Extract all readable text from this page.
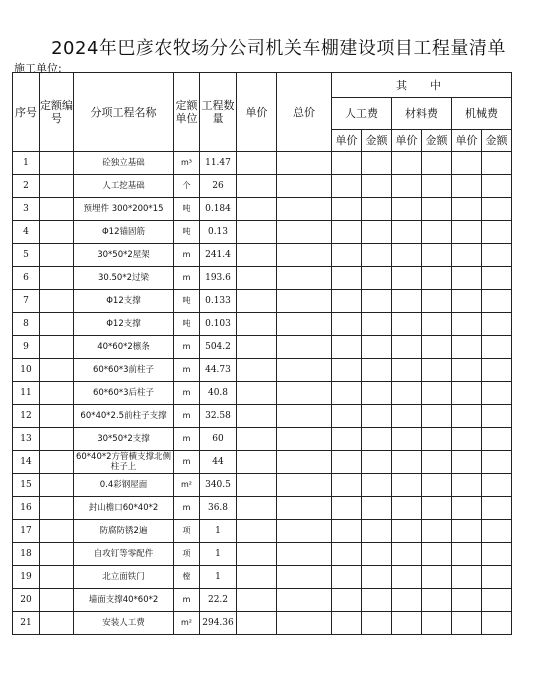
2024年巴彦农牧场分公司机关车棚建设项目工程量清单
施工单位:
序号	定额编号	分项工程名称	定额单位	工程数量	单价	总价	其　中					
							人工费		材料费		机械费	
							单价	金额	单价	金额	单价	金额
1		砼独立基础	m³	11.47								
2		人工挖基础	个	26								
3		预埋件 300*200*15	吨	0.184								
4		Φ12锚固筋	吨	0.13								
5		30*50*2屋架	m	241.4								
6		30.50*2过梁	m	193.6								
7		Φ12支撑	吨	0.133								
8		Φ12支撑	吨	0.103								
9		40*60*2檩条	m	504.2								
10		60*60*3前柱子	m	44.73								
11		60*60*3后柱子	m	40.8								
12		60*40*2.5前柱子支撑	m	32.58								
13		30*50*2支撑	m	60								
14		60*40*2方管横支撑北侧柱子上	m	44								
15		0.4彩钢屋面	m²	340.5								
16		封山檐口60*40*2	m	36.8								
17		防腐防锈2遍	项	1								
18		自攻钉等零配件	项	1								
19		北立面铁门	樘	1								
20		墙面支撑40*60*2	m	22.2								
21		安装人工费	m²	294.36								
